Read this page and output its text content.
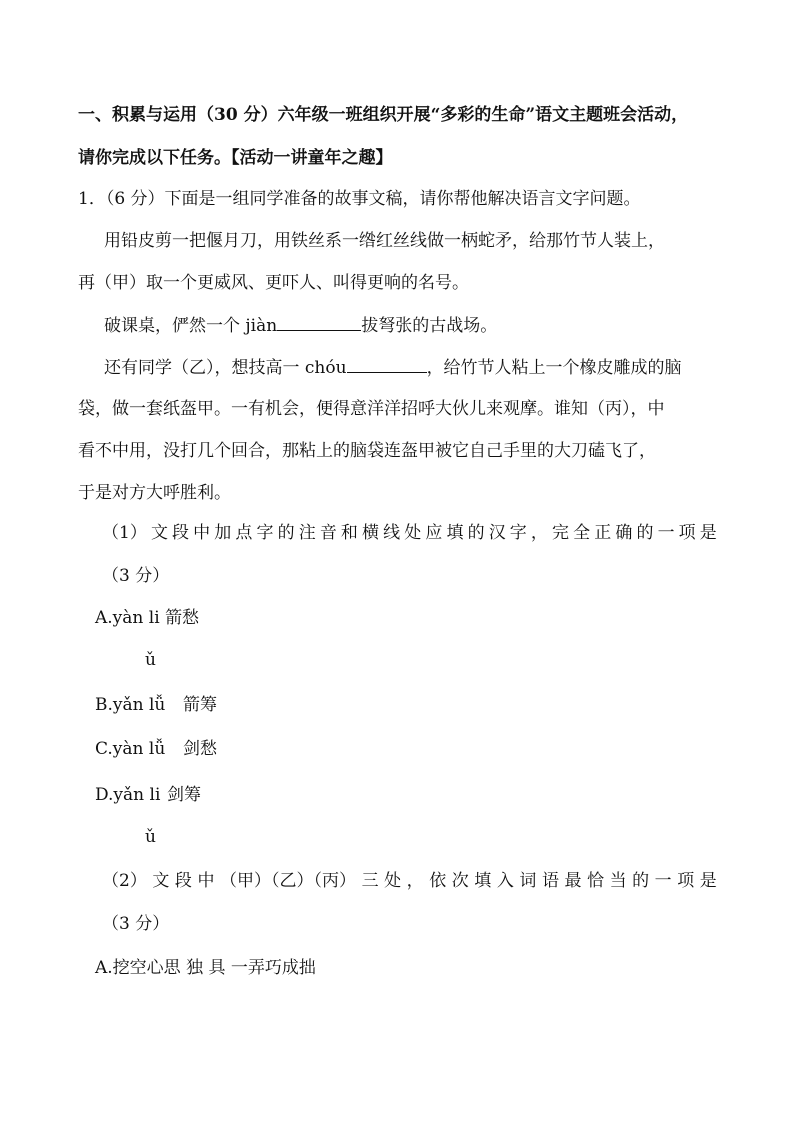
一、积累与运用（30 分）六年级一班组织开展“多彩的生命”语文主题班会活动，
请你完成以下任务。【活动一讲童年之趣】
1．（6 分）下面是一组同学准备的故事文稿，请你帮他解决语言文字问题。
用铅皮剪一把偃月刀，用铁丝系一绺红丝线做一柄蛇矛，给那竹节人装上，
再（甲）取一个更威风、更吓人、叫得更响的名号。
破课桌，俨然一个 jiàn	拔弩张的古战场。
还有同学（乙），想技高一 chóu	，给竹节人粘上一个橡皮雕成的脑
袋，做一套纸盔甲。一有机会，便得意洋洋招呼大伙儿来观摩。谁知（丙），中
看不中用，没打几个回合，那粘上的脑袋连盔甲被它自己手里的大刀磕飞了，
于是对方大呼胜利。
（1） 文 段 中 加 点 字 的 注 音 和 横 线 处 应 填 的 汉 字 ， 完 全 正 确 的 一 项 是
（3 分）
A.yàn li 箭愁
ǔ
B.yǎn lǚ 箭筹
C.yàn lǚ 剑愁
D.yǎn li 剑筹
ǔ
（2） 文 段 中 （甲）（乙）（丙） 三 处 ， 依 次 填 入 词 语 最 恰 当 的 一 项 是
（3 分）
A.挖空心思 独 具 一弄巧成拙
